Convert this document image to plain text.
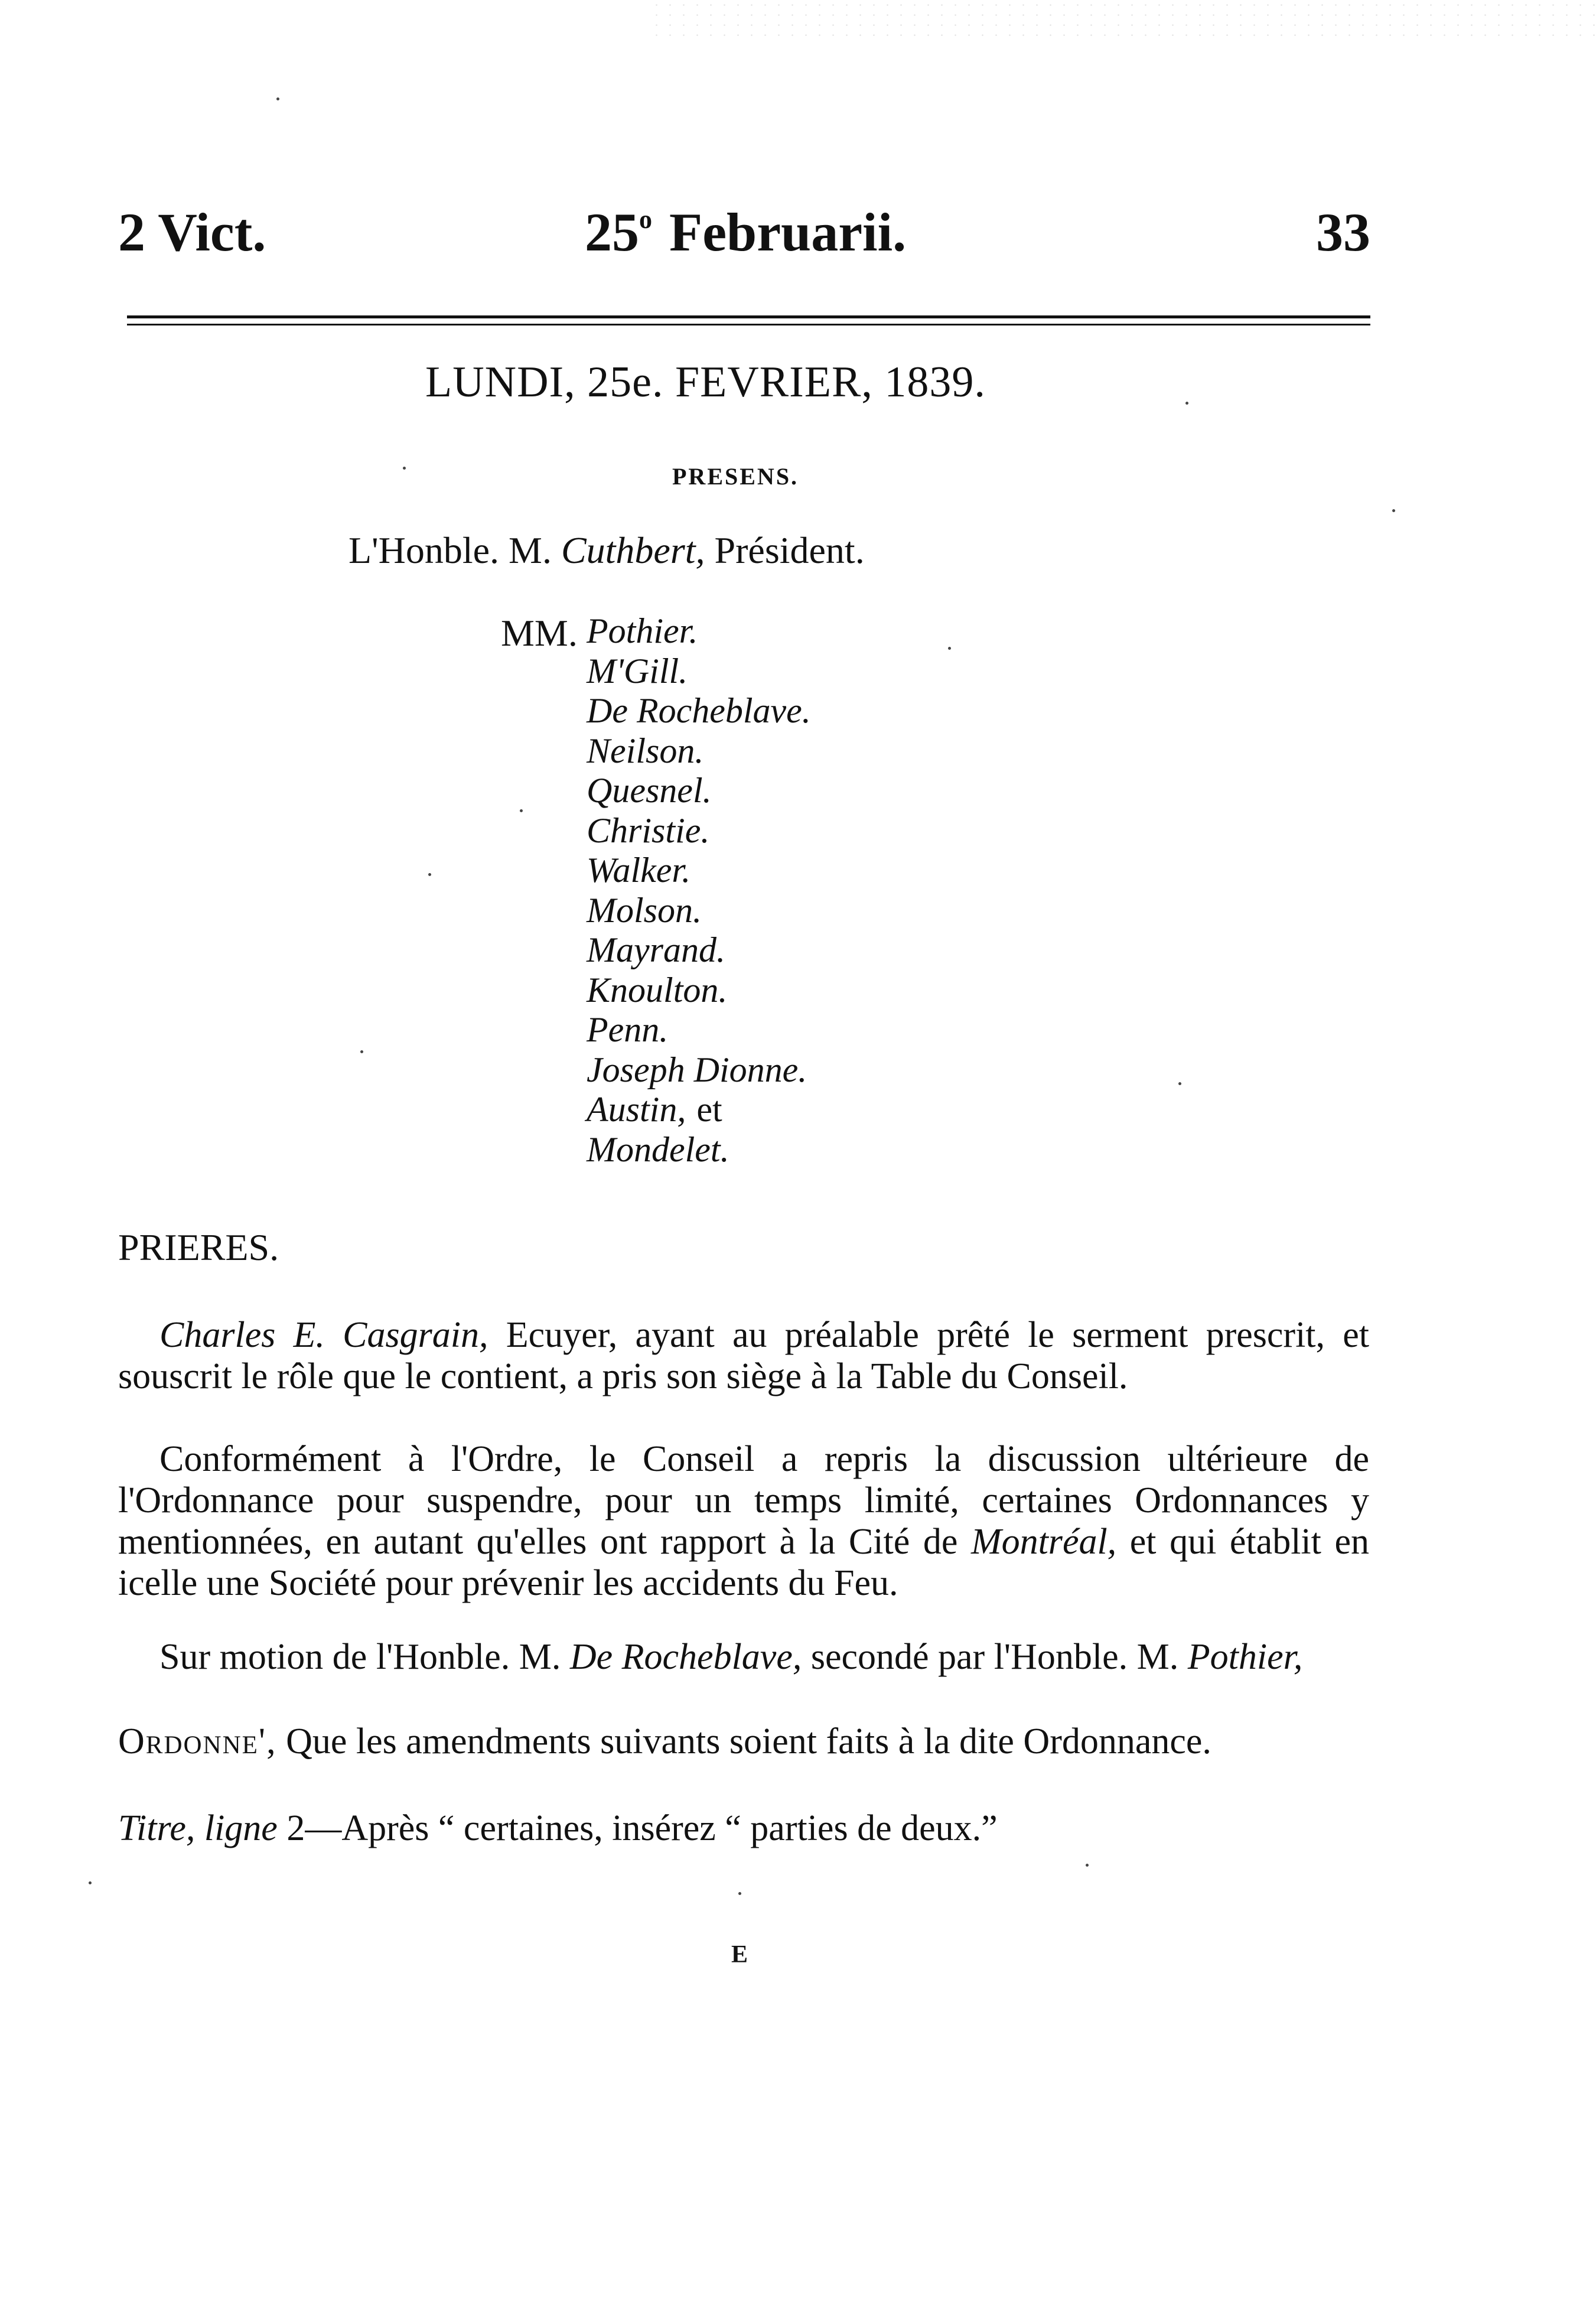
2 Vict.	25$^o$ Februarii.	33
LUNDI, 25e. FEVRIER, 1839.
PRESENS.
L'Honble. M. Cuthbert, Président.
MM. Pothier.
M'Gill.
De Rocheblave.
Neilson.
Quesnel.
Christie.
Walker.
Molson.
Mayrand.
Knoulton.
Penn.
Joseph Dionne.
Austin, et
Mondelet.
PRIERES.

Charles E. Casgrain, Ecuyer, ayant au préalable prêté le serment prescrit, et souscrit le rôle que le contient, a pris son siège à la Table du Conseil.

Conformément à l'Ordre, le Conseil a repris la discussion ultérieure de l'Ordonnance pour suspendre, pour un temps limité, certaines Ordonnances y mentionnées, en autant qu'elles ont rapport à la Cité de Montréal, et qui établit en icelle une Société pour prévenir les accidents du Feu.

Sur motion de l'Honble. M. De Rocheblave, secondé par l'Honble. M. Pothier,

Ordonne', Que les amendments suivants soient faits à la dite Ordonnance.

Titre, ligne 2—Après “ certaines, insérez “ parties de deux.”

E
